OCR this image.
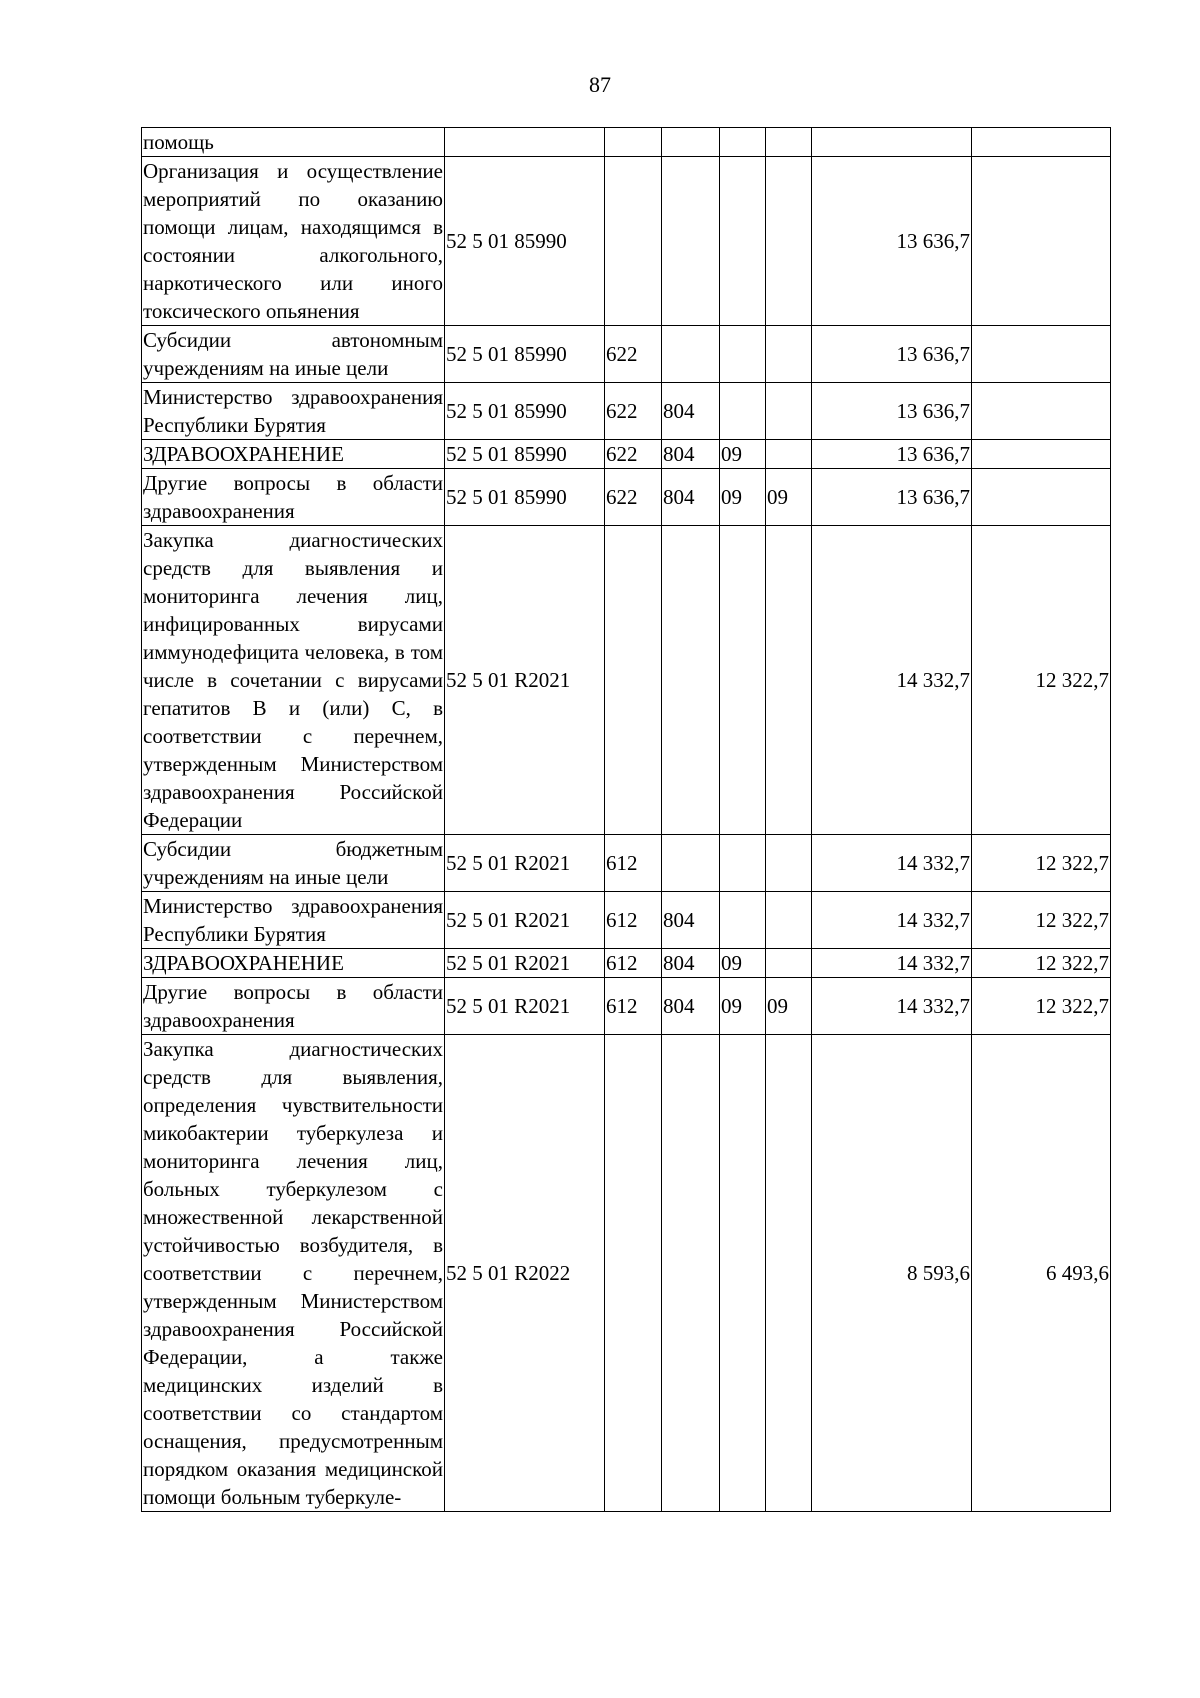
87
помощь							
Организация и осуществление мероприятий по оказанию помощи лицам, находящимся в состоянии алкогольного, наркотического или иного токсического опьянения	52 5 01 85990					13 636,7	
Субсидии автономным учреждениям на иные цели	52 5 01 85990	622				13 636,7	
Министерство здравоохранения Республики Бурятия	52 5 01 85990	622	804			13 636,7	
ЗДРАВООХРАНЕНИЕ	52 5 01 85990	622	804	09		13 636,7	
Другие вопросы в области здравоохранения	52 5 01 85990	622	804	09	09	13 636,7	
Закупка диагностических средств для выявления и мониторинга лечения лиц, инфицированных вирусами иммунодефицита человека, в том числе в сочетании с вирусами гепатитов B и (или) C, в соответствии с перечнем, утвержденным Министерством здравоохранения Российской Федерации	52 5 01 R2021					14 332,7	12 322,7
Субсидии бюджетным учреждениям на иные цели	52 5 01 R2021	612				14 332,7	12 322,7
Министерство здравоохранения Республики Бурятия	52 5 01 R2021	612	804			14 332,7	12 322,7
ЗДРАВООХРАНЕНИЕ	52 5 01 R2021	612	804	09		14 332,7	12 322,7
Другие вопросы в области здравоохранения	52 5 01 R2021	612	804	09	09	14 332,7	12 322,7
Закупка диагностических средств для выявления, определения чувствительности микобактерии туберкулеза и мониторинга лечения лиц, больных туберкулезом с множественной лекарственной устойчивостью возбудителя, в соответствии с перечнем, утвержденным Министерством здравоохранения Российской Федерации, а также медицинских изделий в соответствии со стандартом оснащения, предусмотренным порядком оказания медицинской помощи больным туберкуле-	52 5 01 R2022					8 593,6	6 493,6
